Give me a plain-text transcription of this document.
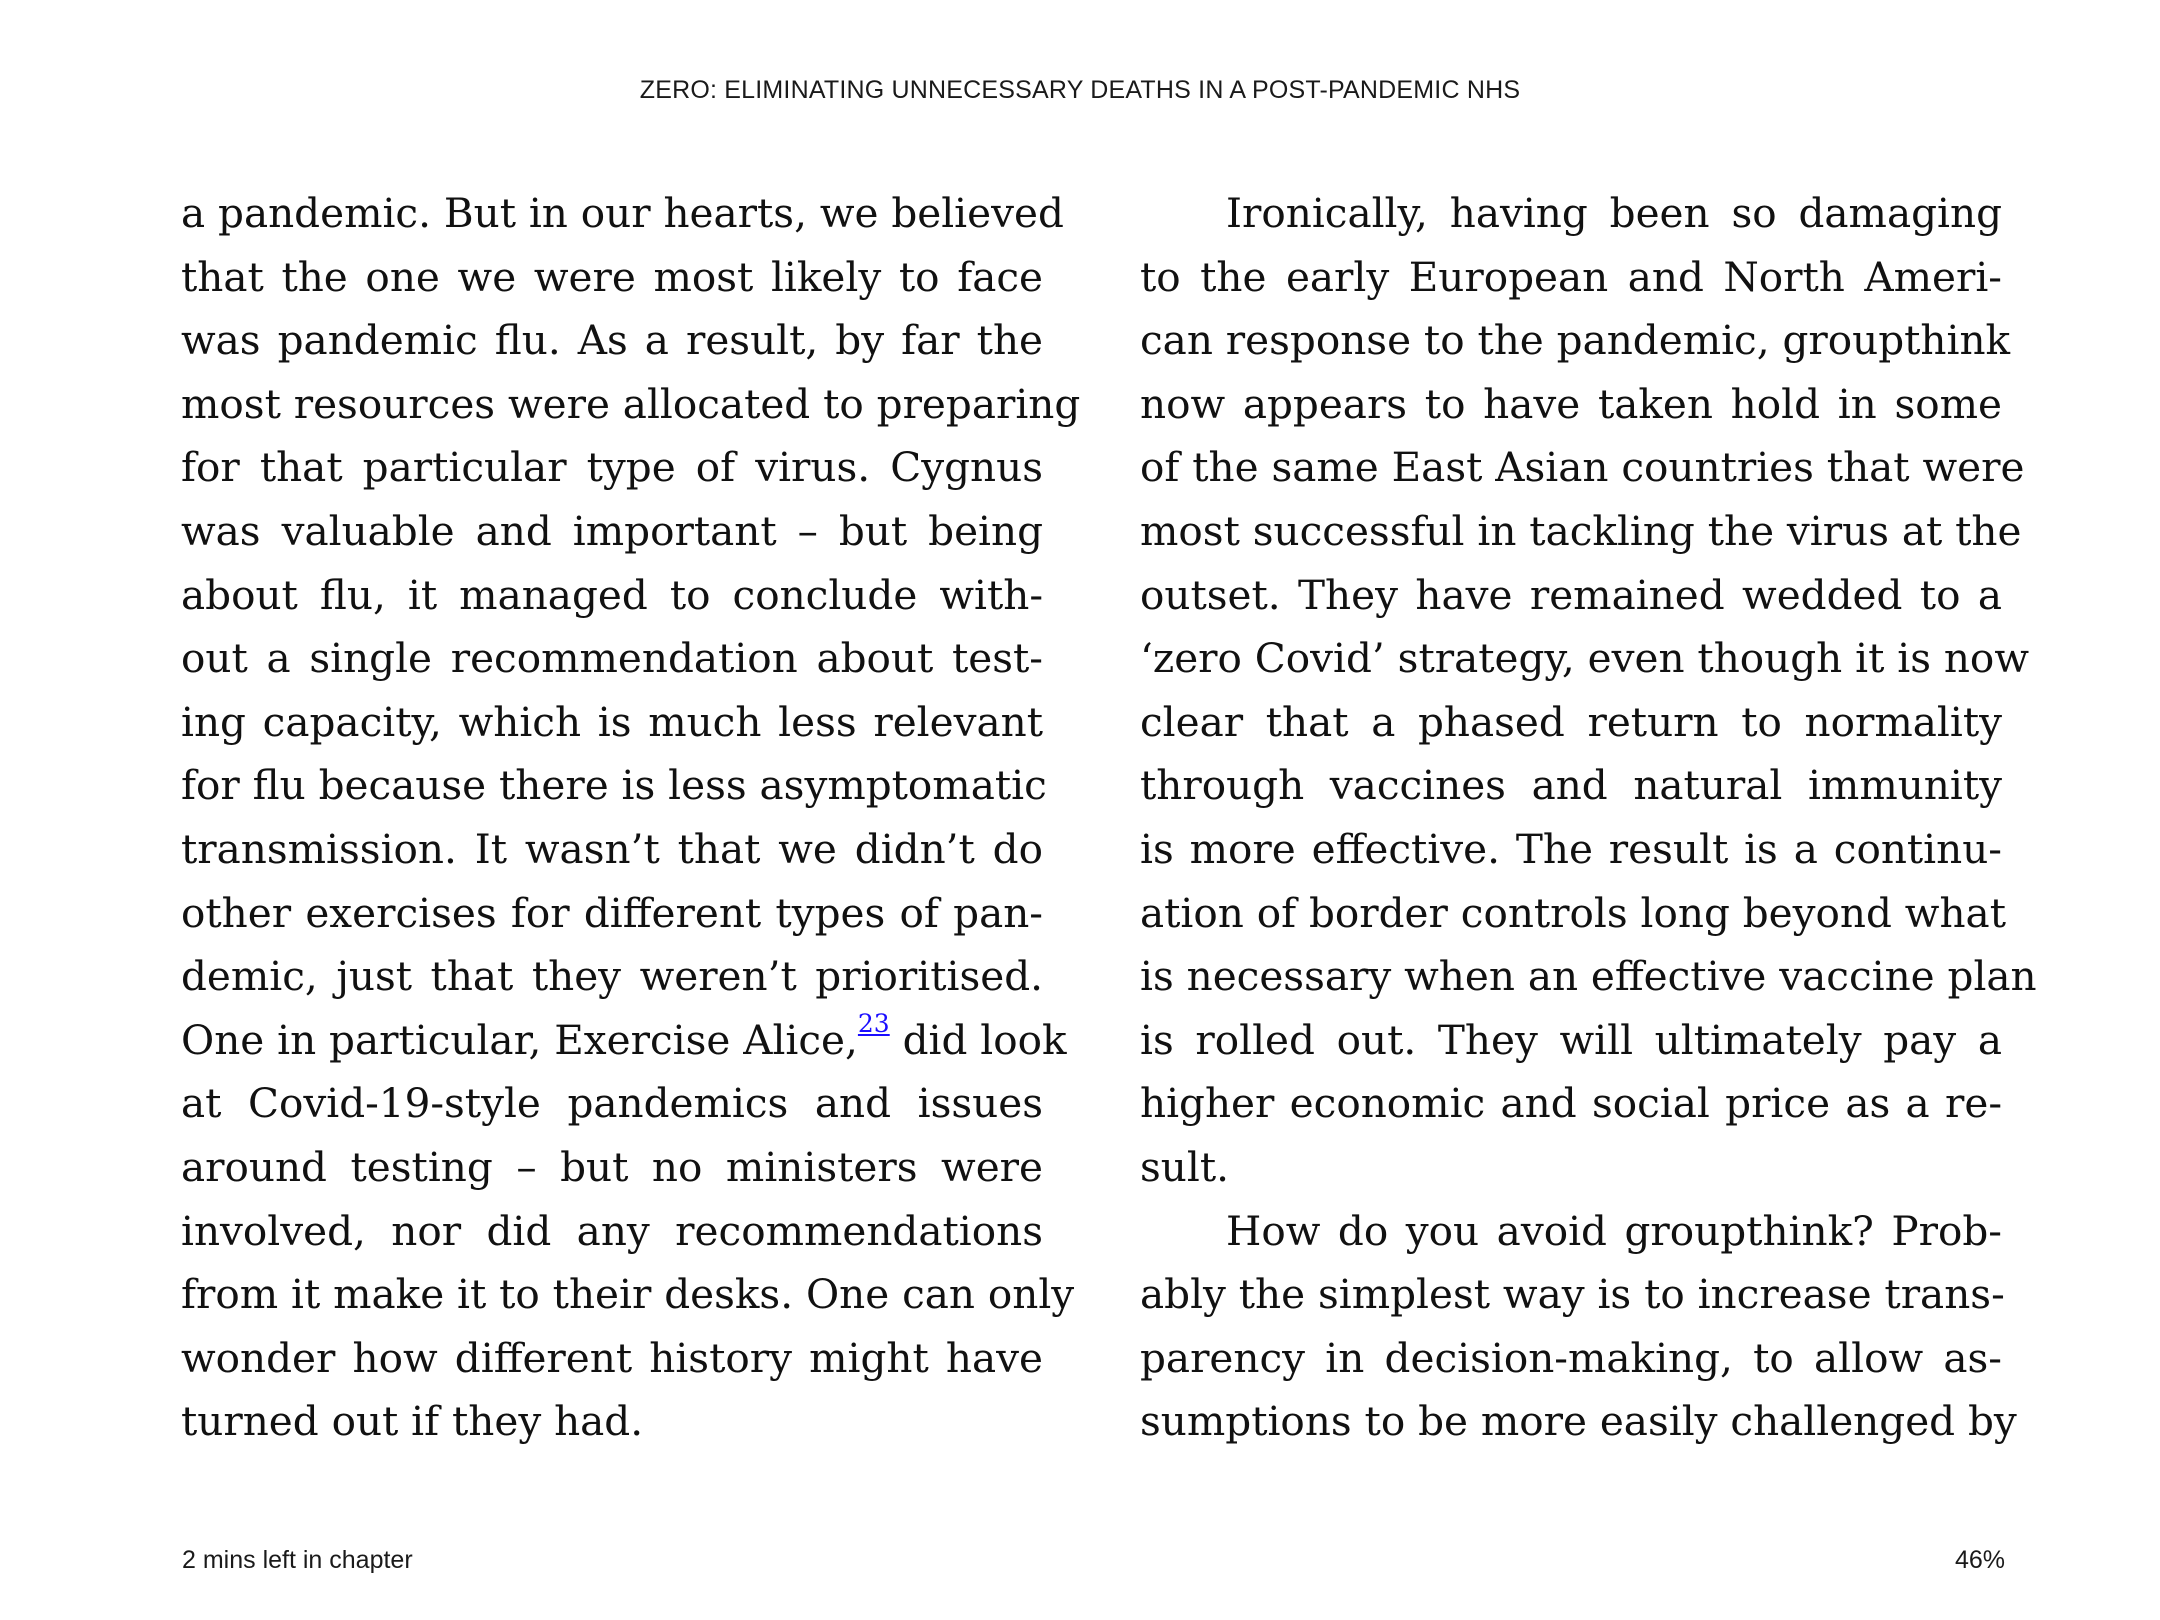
ZERO: ELIMINATING UNNECESSARY DEATHS IN A POST-PANDEMIC NHS
a pandemic. But in our hearts, we believed
that the one we were most likely to face
was pandemic flu. As a result, by far the
most resources were allocated to preparing
for that particular type of virus. Cygnus
was valuable and important – but being
about flu, it managed to conclude with-
out a single recommendation about test-
ing capacity, which is much less relevant
for flu because there is less asymptomatic
transmission. It wasn’t that we didn’t do
other exercises for different types of pan-
demic, just that they weren’t prioritised.
One in particular, Exercise Alice,$^{23}$ did look
at Covid-19-style pandemics and issues
around testing – but no ministers were
involved, nor did any recommendations
from it make it to their desks. One can only
wonder how different history might have
turned out if they had.
Ironically, having been so damaging
to the early European and North Ameri-
can response to the pandemic, groupthink
now appears to have taken hold in some
of the same East Asian countries that were
most successful in tackling the virus at the
outset. They have remained wedded to a
‘zero Covid’ strategy, even though it is now
clear that a phased return to normality
through vaccines and natural immunity
is more effective. The result is a continu-
ation of border controls long beyond what
is necessary when an effective vaccine plan
is rolled out. They will ultimately pay a
higher economic and social price as a re-
sult.
How do you avoid groupthink? Prob-
ably the simplest way is to increase trans-
parency in decision-making, to allow as-
sumptions to be more easily challenged by
2 mins left in chapter	46%
